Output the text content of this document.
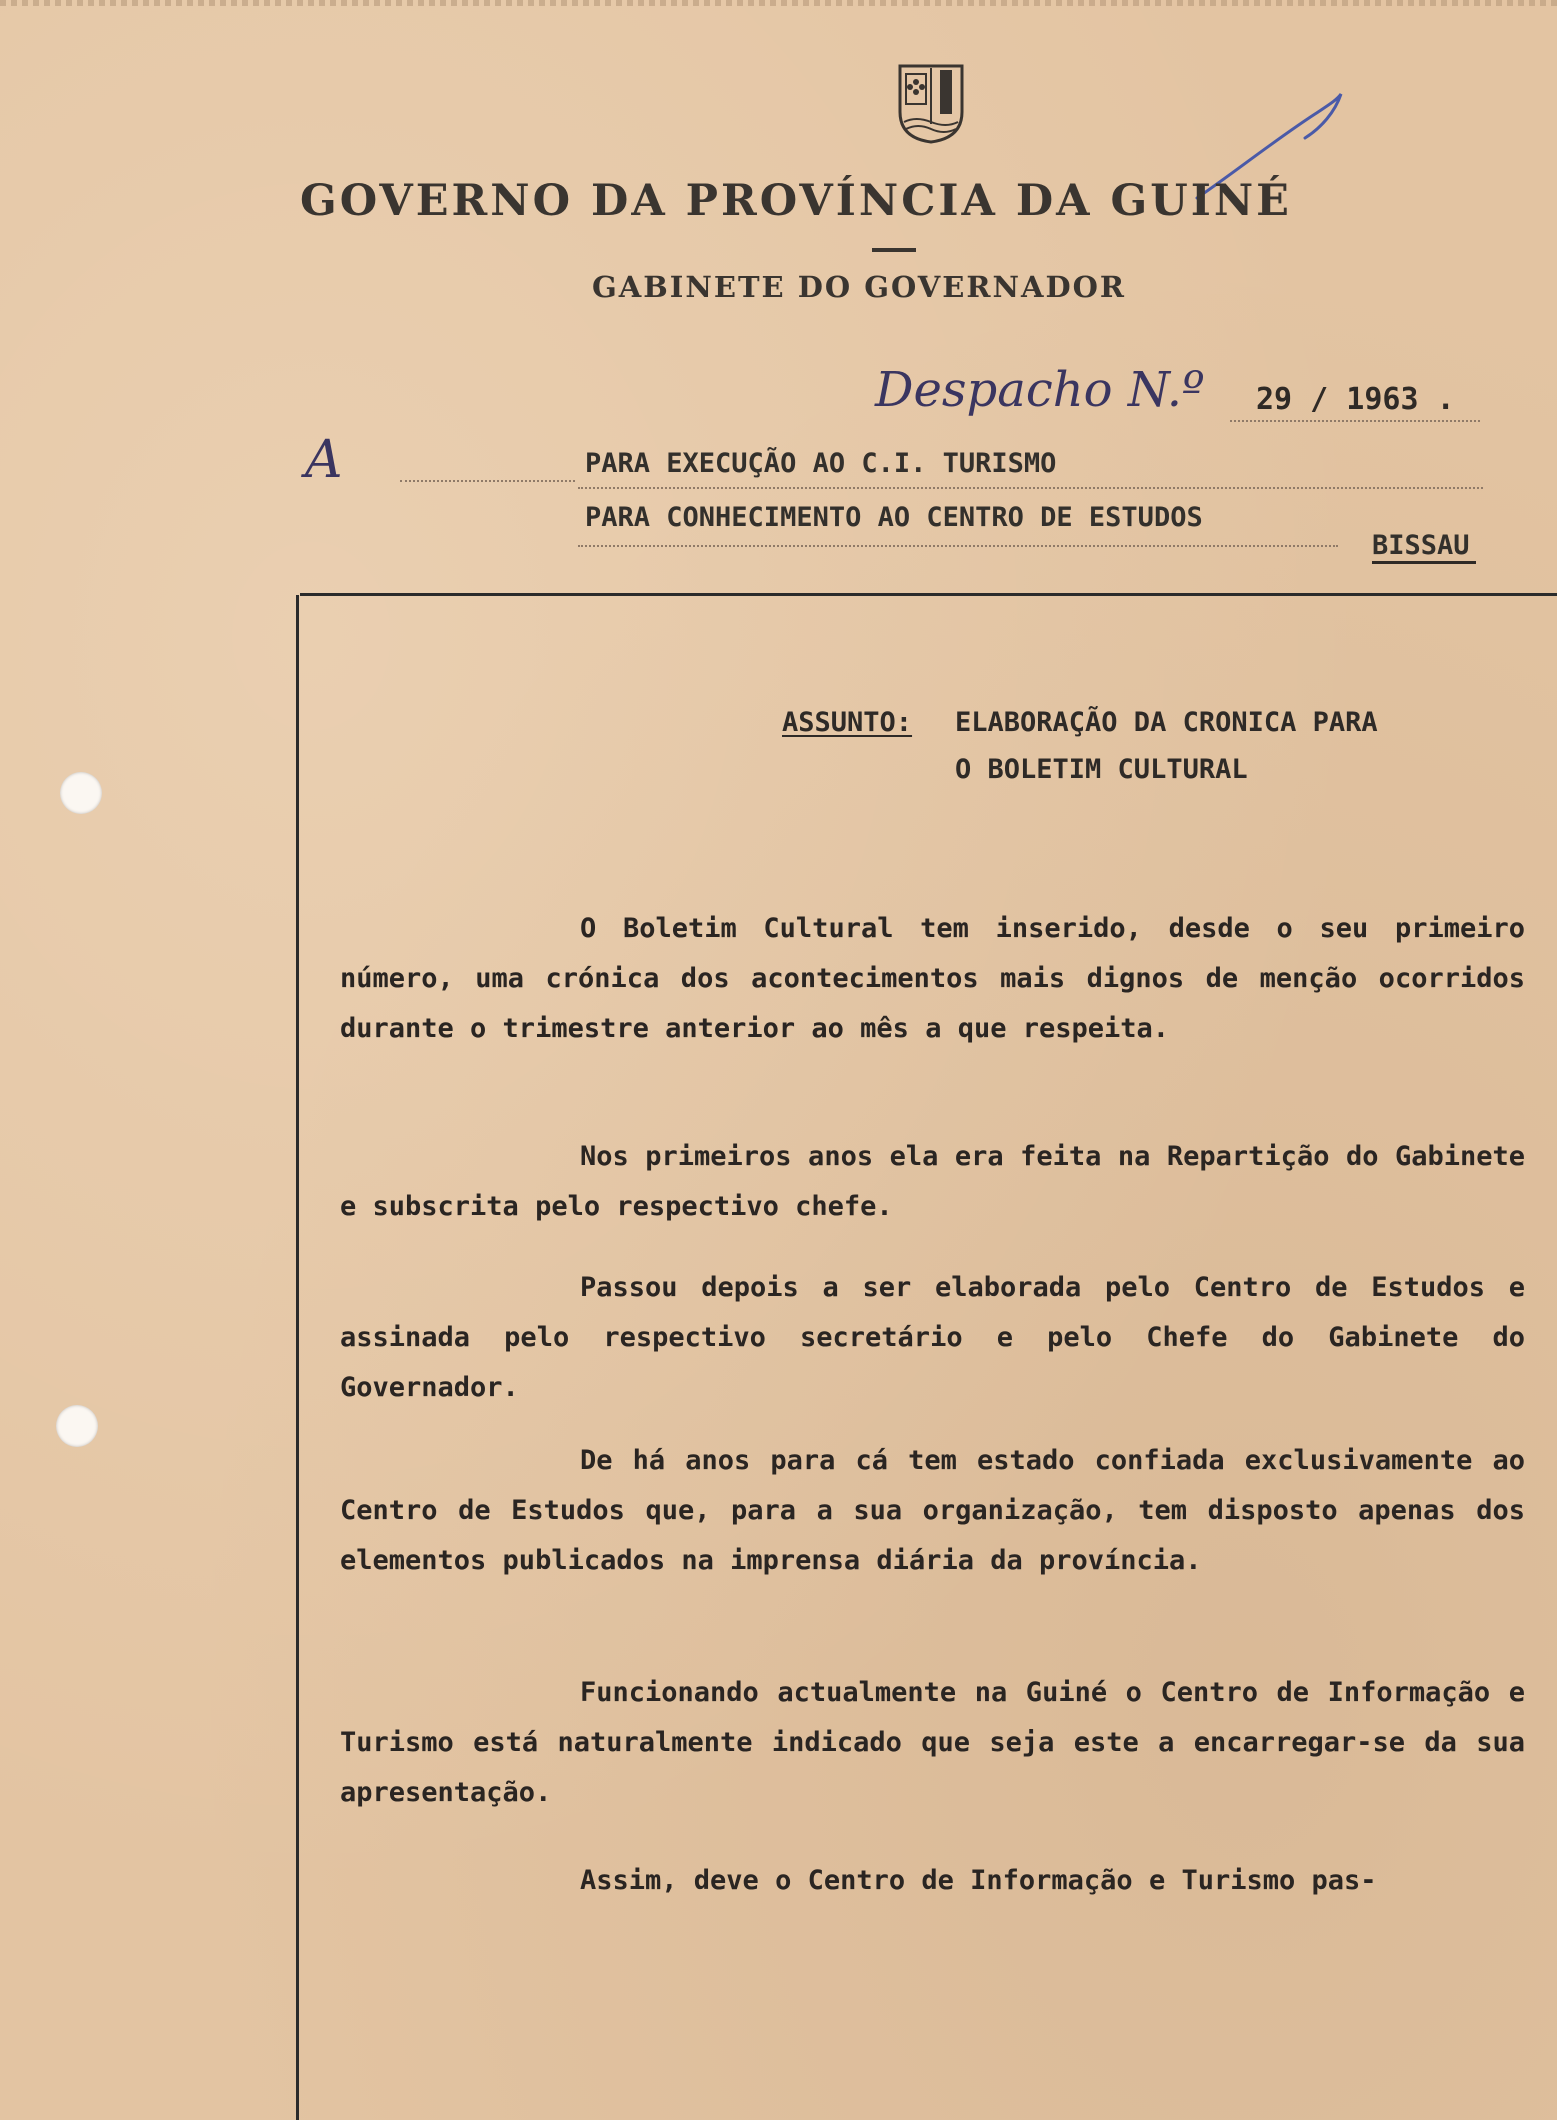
GOVERNO DA PROVÍNCIA DA GUINÉ
GABINETE DO GOVERNADOR
Despacho N.º 29 / 1963 .
A	PARA EXECUÇÃO AO C.I. TURISMO
PARA CONHECIMENTO AO CENTRO DE ESTUDOS
BISSAU
ASSUNTO: ELABORAÇÃO DA CRONICA PARA
O BOLETIM CULTURAL
O Boletim Cultural tem inserido, desde o seu primeiro número, uma crónica dos acontecimentos mais dignos de menção ocorridos durante o trimestre anterior ao mês a que respeita.
Nos primeiros anos ela era feita na Repartição do Gabinete e subscrita pelo respectivo chefe.
Passou depois a ser elaborada pelo Centro de Estudos e assinada pelo respectivo secretário e pelo Chefe do Gabinete do Governador.
De há anos para cá tem estado confiada exclusivamente ao Centro de Estudos que, para a sua organização, tem disposto apenas dos elementos publicados na imprensa diária da província.
Funcionando actualmente na Guiné o Centro de Informação e Turismo está naturalmente indicado que seja este a encarregar-se da sua apresentação.
Assim, deve o Centro de Informação e Turismo pas-
